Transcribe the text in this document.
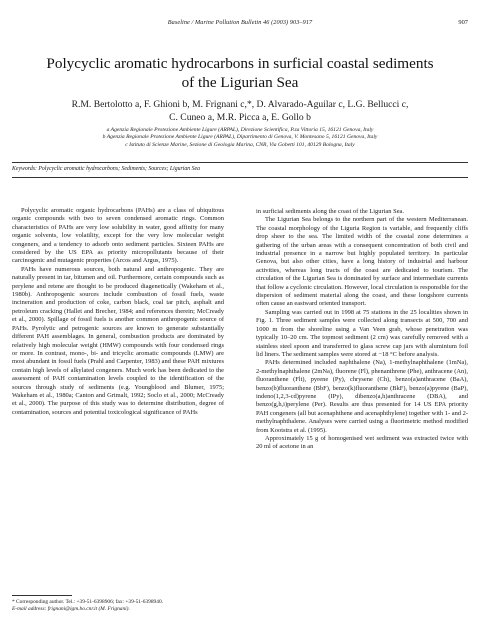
Baseline / Marine Pollution Bulletin 46 (2003) 903–917	907
Polycyclic aromatic hydrocarbons in surficial coastal sediments
of the Ligurian Sea
R.M. Bertolotto a, F. Ghioni b, M. Frignani c,*, D. Alvarado-Aguilar c, L.G. Bellucci c,
C. Cuneo a, M.R. Picca a, E. Gollo b
a Agenzia Regionale Protezione Ambiente Ligure (ARPAL), Direzione Scientifica, P.za Vittoria 15, 16121 Genova, Italy
b Agenzia Regionale Protezione Ambiente Ligure (ARPAL), Dipartimento di Genova, V. Montesano 5, 16121 Genova, Italy
c Istituto di Scienze Marine, Sezione di Geologia Marina, CNR, Via Gobetti 101, 40129 Bologna, Italy
Keywords: Polycyclic aromatic hydrocarbons; Sediments; Sources; Ligurian Sea

Polycyclic aromatic organic hydrocarbons (PAHs) are a class of ubiquitous organic compounds with two to seven condensed aromatic rings. Common characteristics of PAHs are very low solubility in water, good affinity for many organic solvents, low volatility, except for the very low molecular weight congeners, and a tendency to adsorb onto sediment particles. Sixteen PAHs are considered by the US EPA as priority micropollutants because of their carcinogenic and mutagenic properties (Arcos and Argus, 1975).

PAHs have numerous sources, both natural and anthropogenic. They are naturally present in tar, bitumen and oil. Furthermore, certain compounds such as perylene and retene are thought to be produced diagenetically (Wakeham et al., 1980b). Anthropogenic sources include combustion of fossil fuels, waste incineration and production of coke, carbon black, coal tar pitch, asphalt and petroleum cracking (Hallet and Brecher, 1984; and references therein; McCready et al., 2000). Spillage of fossil fuels is another common anthropogenic source of PAHs. Pyrolytic and petrogenic sources are known to generate substantially different PAH assemblages. In general, combustion products are dominated by relatively high molecular weight (HMW) compounds with four condensed rings or more. In contrast, mono-, bi- and tricyclic aromatic compounds (LMW) are most abundant in fossil fuels (Prahl and Carpenter, 1983) and these PAH mixtures contain high levels of alkylated congeners. Much work has been dedicated to the assessment of PAH contamination levels coupled to the identification of the sources through study of sediments (e.g. Youngblood and Blumer, 1975; Wakeham et al., 1980a; Canton and Grimalt, 1992; Soclo et al., 2000; McCready et al., 2000). The purpose of this study was to determine distribution, degree of contamination, sources and potential toxicological significance of PAHs

in surficial sediments along the coast of the Ligurian Sea.

The Ligurian Sea belongs to the northern part of the western Mediterranean. The coastal morphology of the Liguria Region is variable, and frequently cliffs drop sheer to the sea. The limited width of the coastal zone determines a gathering of the urban areas with a consequent concentration of both civil and industrial presence in a narrow but highly populated territory. In particular Genova, but also other cities, have a long history of industrial and harbour activities, whereas long tracts of the coast are dedicated to tourism. The circulation of the Ligurian Sea is dominated by surface and intermediate currents that follow a cyclonic circulation. However, local circulation is responsible for the dispersion of sediment material along the coast, and these longshore currents often cause an eastward oriented transport.

Sampling was carried out in 1998 at 75 stations in the 25 localities shown in Fig. 1. Three sediment samples were collected along transects at 500, 700 and 1000 m from the shoreline using a Van Veen grab, whose penetration was typically 10–20 cm. The topmost sediment (2 cm) was carefully removed with a stainless steel spoon and transferred to glass screw cap jars with aluminium foil lid liners. The sediment samples were stored at −18 °C before analysis.

PAHs determined included naphthalene (Na), 1-methylnaphthalene (1mNa), 2-methylnaphthalene (2mNa), fluorene (Fl), phenanthrene (Phe), anthracene (An), fluoranthene (Flt), pyrene (Py), chrysene (Ch), benzo(a)anthracene (BaA), benzo(b)fluoranthene (BbF), benzo(k)fluoranthene (BkF), benzo(a)pyrene (BaP), indeno(1,2,3-cd)pyrene (IPy), dibenzo(a,h)anthracene (DBA), and benzo(g,h,i)perylene (Per). Results are thus presented for 14 US EPA priority PAH congeners (all but acenaphthene and acenaphthylene) together with 1- and 2-methylnaphthalene. Analyses were carried using a fluorimetric method modified from Kootstra et al. (1995).

Approximately 15 g of homogenised wet sediment was extracted twice with 20 ml of acetone in an

* Corresponding author. Tel.: +39-51-6398906; fax: +39-51-6398940.
E-mail address: frignani@igm.bo.cnr.it (M. Frignani).
